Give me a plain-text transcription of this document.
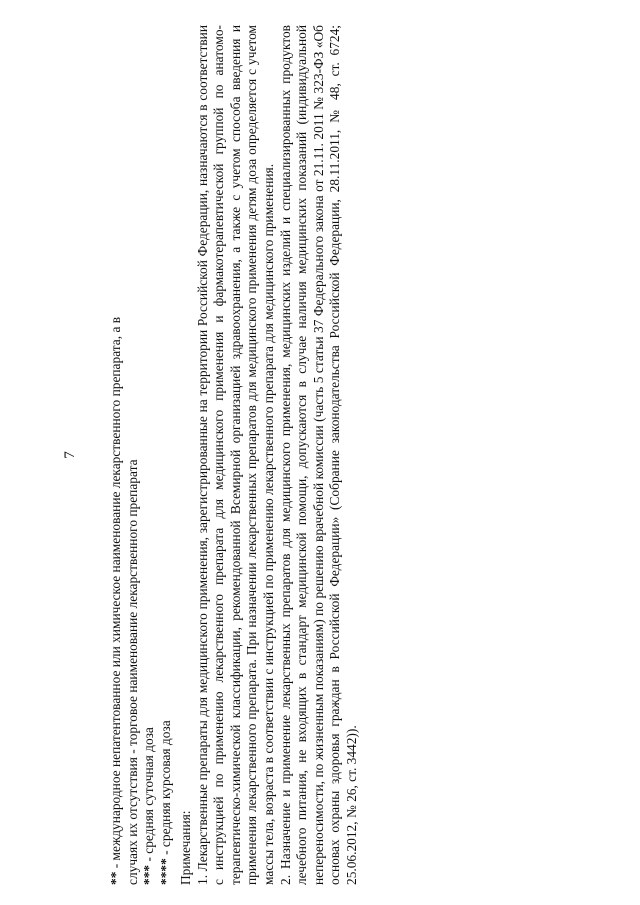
7

** - международное непатентованное или химическое наименование лекарственного препарата, а в случаях их отсутствия - торговое наименование лекарственного препарата *** - средняя суточная доза

**** - средняя курсовая доза Примечания: 1. Лекарственные препараты для медицинского применения, зарегистрированные на территории Российской Федерации, назначаются в соответствии с инструкцией по применению лекарственного препарата для медицинского применения и фармакотерапевтической группой по анатомо-терапевтическо-химической классификации, рекомендованной Всемирной организацией здравоохранения, а также с учетом способа введения и применения лекарственного препарата. При назначении лекарственных препаратов для медицинского применения детям доза определяется с учетом массы тела, возраста в соответствии с инструкцией по применению лекарственного препарата для медицинского применения. 2. Назначение и применение лекарственных препаратов для медицинского применения, медицинских изделий и специализированных продуктов лечебного питания, не входящих в стандарт медицинской помощи, допускаются в случае наличия медицинских показаний (индивидуальной непереносимости, по жизненным показаниям) по решению врачебной комиссии (часть 5 статьи 37 Федерального закона от 21.11. 2011 № 323-ФЗ «Об основах охраны здоровья граждан в Российской Федерации» (Собрание законодательства Российской Федерации, 28.11.2011, № 48, ст. 6724; 25.06.2012, № 26, ст. 3442)).
